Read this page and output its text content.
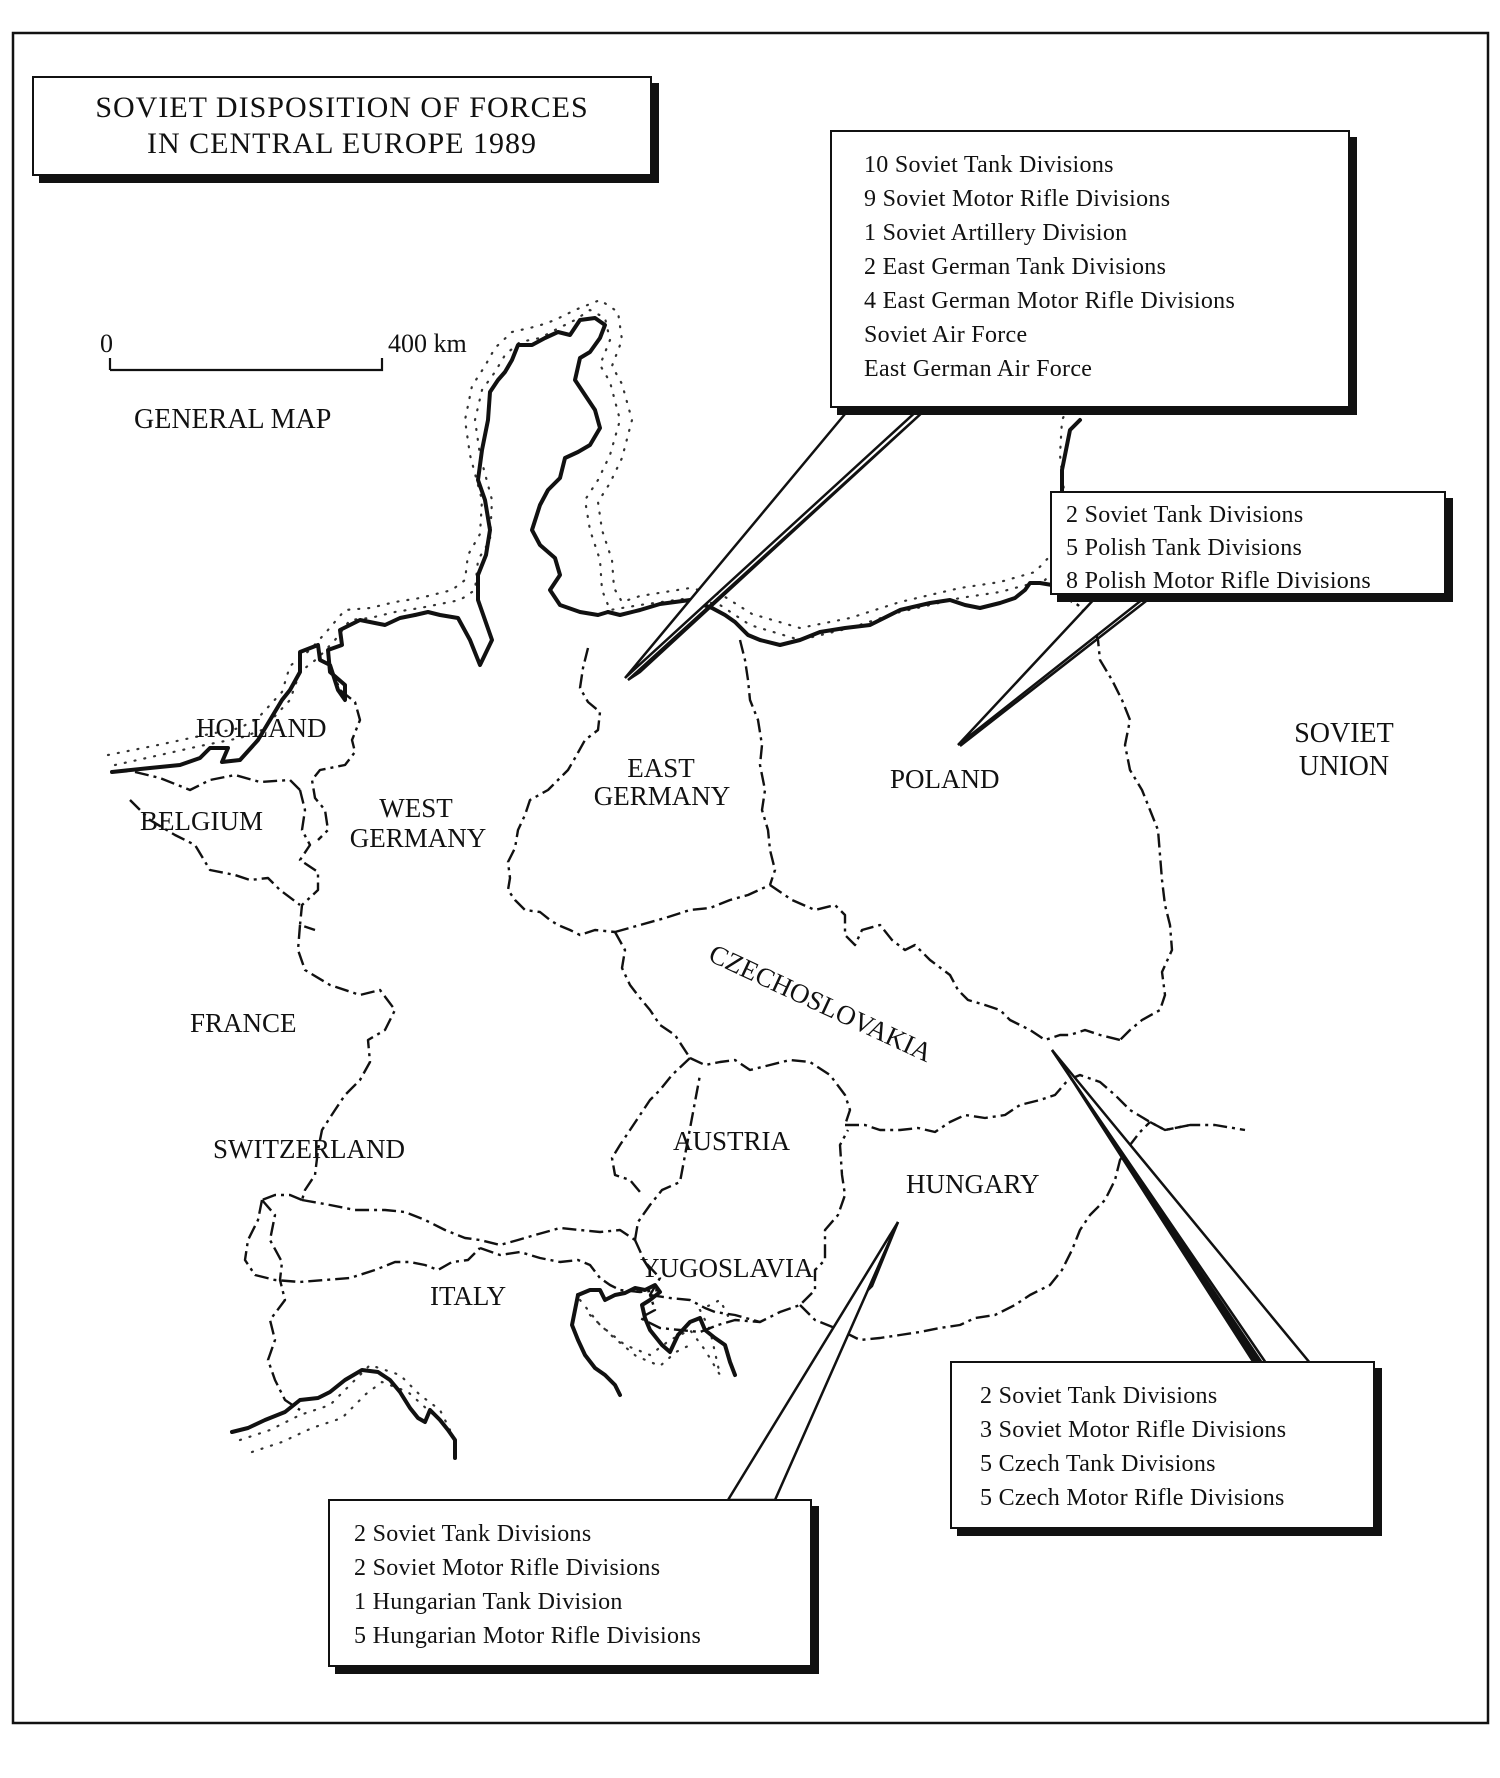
0	400 km
GENERAL MAP
HOLLAND
BELGIUM	WEST
GERMANY
EAST
GERMANY
POLAND
SOVIET
UNION
FRANCE	CZECHOSLOVAKIA
SWITZERLAND	AUSTRIA
HUNGARY
ITALY
YUGOSLAVIA
SOVIET DISPOSITION OF FORCES
IN CENTRAL EUROPE 1989
10 Soviet Tank Divisions
9 Soviet Motor Rifle Divisions
1 Soviet Artillery Division
2 East German Tank Divisions
4 East German Motor Rifle Divisions
Soviet Air Force
East German Air Force
2 Soviet Tank Divisions
5 Polish Tank Divisions
8 Polish Motor Rifle Divisions
2 Soviet Tank Divisions
3 Soviet Motor Rifle Divisions
5 Czech Tank Divisions
5 Czech Motor Rifle Divisions
2 Soviet Tank Divisions
2 Soviet Motor Rifle Divisions
1 Hungarian Tank Division
5 Hungarian Motor Rifle Divisions
